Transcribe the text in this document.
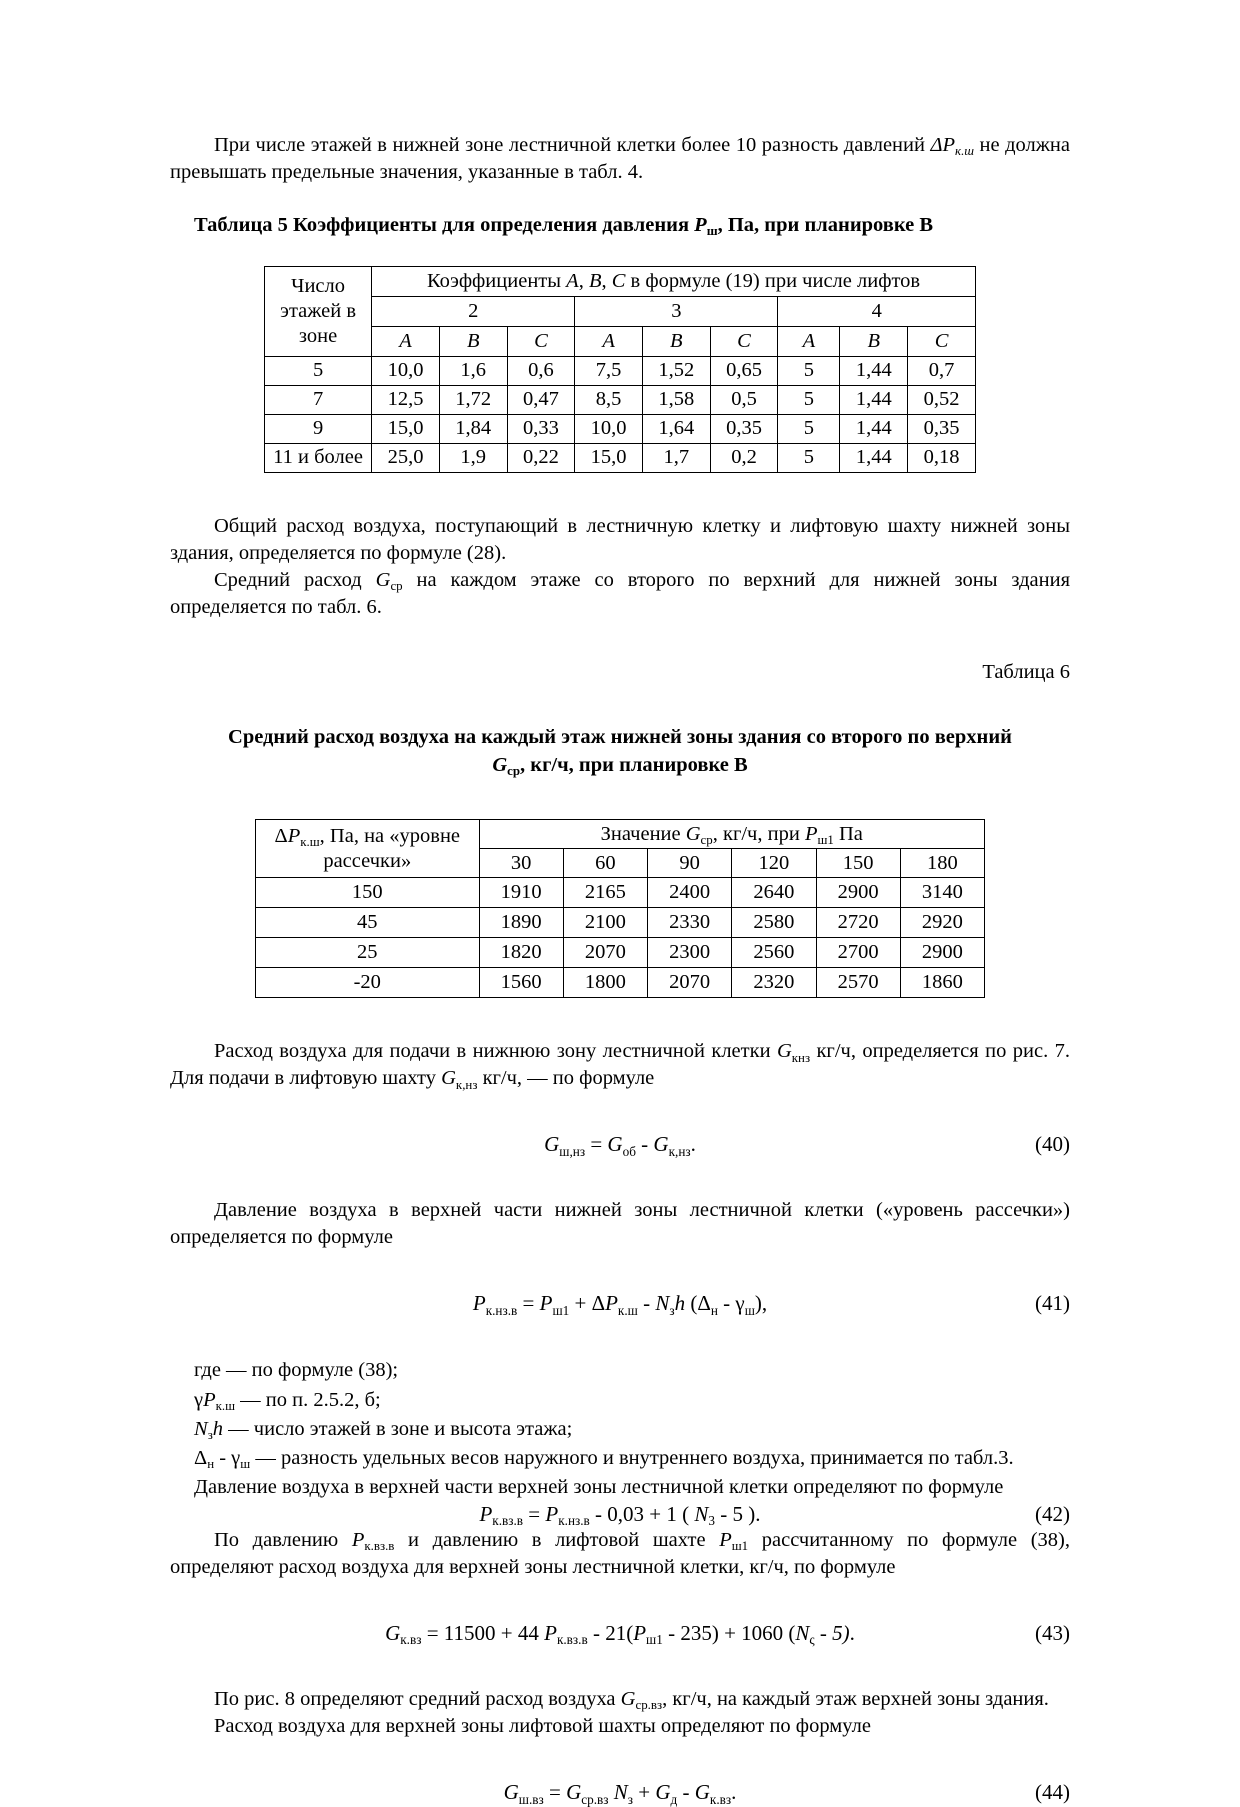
При числе этажей в нижней зоне лестничной клетки более 10 разность давлений $\Delta P_{к.ш}$ не должна превышать предельные значения, указанные в табл. 4.

Таблица 5 Коэффициенты для определения давления $P_ш$, Па, при планировке В

Число
этажей в
зоне	Коэффициенты A, B, C в формуле (19) при числе лифтов								
	2			3			4		
	A	B	C	A	B	C	A	B	C
5	10,0	1,6	0,6	7,5	1,52	0,65	5	1,44	0,7
7	12,5	1,72	0,47	8,5	1,58	0,5	5	1,44	0,52
9	15,0	1,84	0,33	10,0	1,64	0,35	5	1,44	0,35
11 и более	25,0	1,9	0,22	15,0	1,7	0,2	5	1,44	0,18

Общий расход воздуха, поступающий в лестничную клетку и лифтовую шахту нижней зоны здания, определяется по формуле (28).

Средний расход $G_{ср}$ на каждом этаже со второго по верхний для нижней зоны здания определяется по табл. 6.

Таблица 6

Средний расход воздуха на каждый этаж нижней зоны здания со второго по верхний

$G_{ср}$, кг/ч, при планировке В

$\Delta P_{к.ш}$, Па, на «уровне
рассечки»	Значение $G_{ср}$, кг/ч, при $P_{ш1}$ Па					
	30	60	90	120	150	180
150	1910	2165	2400	2640	2900	3140
45	1890	2100	2330	2580	2720	2920
25	1820	2070	2300	2560	2700	2900
-20	1560	1800	2070	2320	2570	1860

Расход воздуха для подачи в нижнюю зону лестничной клетки $G_{кнз}$ кг/ч, определяется по рис. 7. Для подачи в лифтовую шахту $G_{к,нз}$ кг/ч, — по формуле

$G_{ш,нз} = G_{об} - G_{к,нз}$.	(40)

Давление воздуха в верхней части нижней зоны лестничной клетки («уровень рассечки») определяется по формуле

$P_{к.нз.в} = P_{ш1} + \Delta P_{к.ш} - N_зh$ $(\Delta_н - \gamma_ш)$,	(41)

где — по формуле (38);

$\gamma P_{к.ш}$ — по п. 2.5.2, б;

$N_зh$ — число этажей в зоне и высота этажа;

$\Delta_н - \gamma_ш$ — разность удельных весов наружного и внутреннего воздуха, принимается по табл.3.

Давление воздуха в верхней части верхней зоны лестничной клетки определяют по формуле

$P_{к.вз.в} = P_{к.нз.в} - 0,03 + 1$ ( $N_3 - 5$ ).	(42)

По давлению $P_{к.вз.в}$ и давлению в лифтовой шахте $P_{ш1}$ рассчитанному по формуле (38), определяют расход воздуха для верхней зоны лестничной клетки, кг/ч, по формуле

$G_{к.вз} = 11500 + 44$ $P_{к.вз.в} - 21(P_{ш1} - 235) + 1060$ $(N_\varsigma - 5)$.	(43)

По рис. 8 определяют средний расход воздуха $G_{ср.вз}$, кг/ч, на каждый этаж верхней зоны здания.

Расход воздуха для верхней зоны лифтовой шахты определяют по формуле

$G_{ш.вз} = G_{ср.вз}$ $N_з + G_д - G_{к.вз}$.	(44)
